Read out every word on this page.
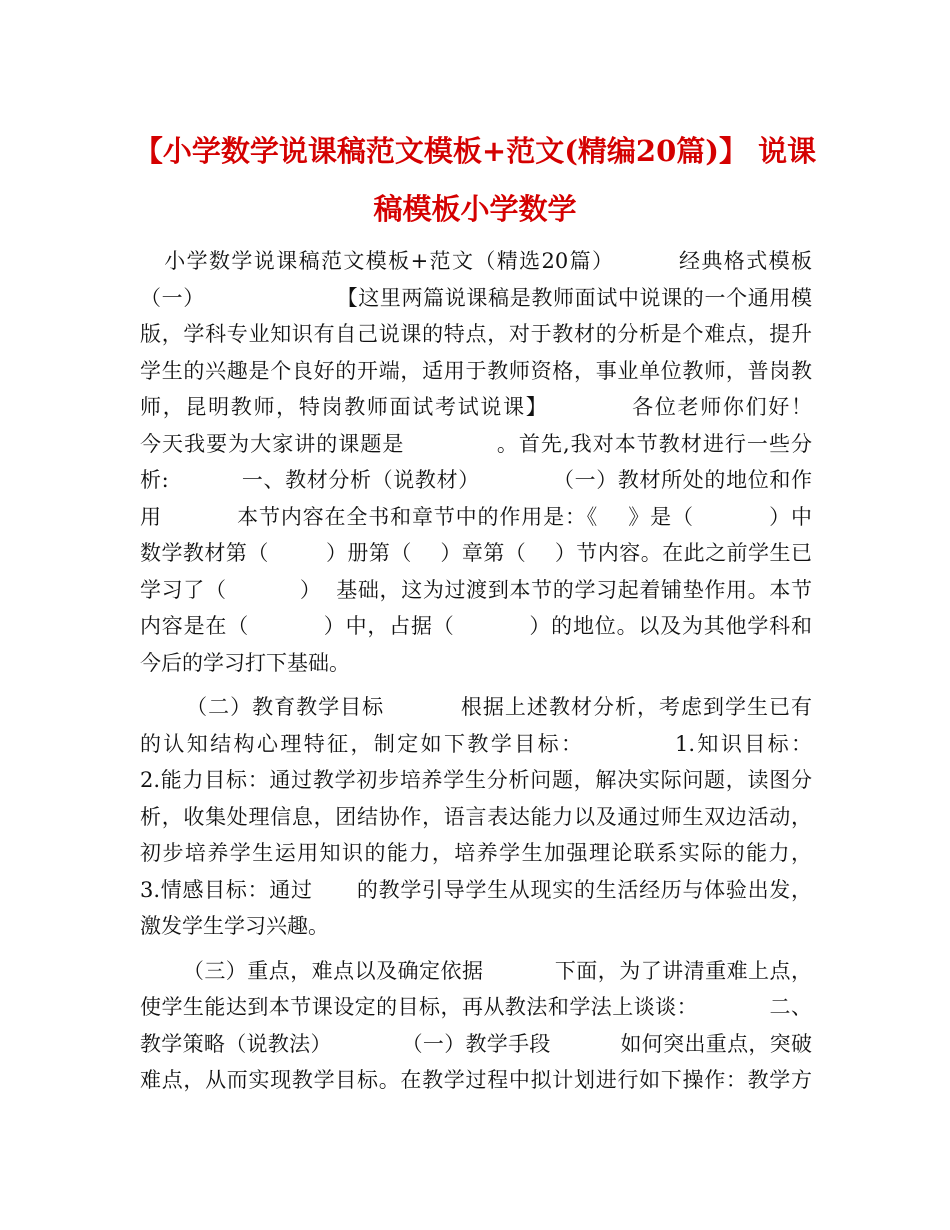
【小学数学说课稿范文模板+范文(精编20篇)】 说课
稿模板小学数学
小学数学说课稿范文模板+范文（精选20篇）        经典格式模板
（一）                  【这里两篇说课稿是教师面试中说课的一个通用模
版，学科专业知识有自己说课的特点，对于教材的分析是个难点，提升
学生的兴趣是个良好的开端，适用于教师资格，事业单位教师，普岗教
师，昆明教师，特岗教师面试考试说课】          各位老师你们好！
今天我要为大家讲的课题是            。首先,我对本节教材进行一些分
析:          一、教材分析（说教材）          （一）教材所处的地位和作
用          本节内容在全书和章节中的作用是：《    》是（          ）中
数学教材第（        ）册第（    ）章第（    ）节内容。在此之前学生已
学习了（          ）  基础，这为过渡到本节的学习起着铺垫作用。本节
内容是在（          ）中，占据（          ）的地位。以及为其他学科和
今后的学习打下基础。
（二）教育教学目标          根据上述教材分析，考虑到学生已有
的认知结构心理特征，制定如下教学目标：          1.知识目标：
2.能力目标：通过教学初步培养学生分析问题，解决实际问题，读图分
析，收集处理信息，团结协作，语言表达能力以及通过师生双边活动，
初步培养学生运用知识的能力，培养学生加强理论联系实际的能力，
3.情感目标：通过      的教学引导学生从现实的生活经历与体验出发，
激发学生学习兴趣。
（三）重点，难点以及确定依据          下面，为了讲清重难上点，
使学生能达到本节课设定的目标，再从教法和学法上谈谈：          二、
教学策略（说教法）          （一）教学手段          如何突出重点，突破
难点，从而实现教学目标。在教学过程中拟计划进行如下操作：教学方
